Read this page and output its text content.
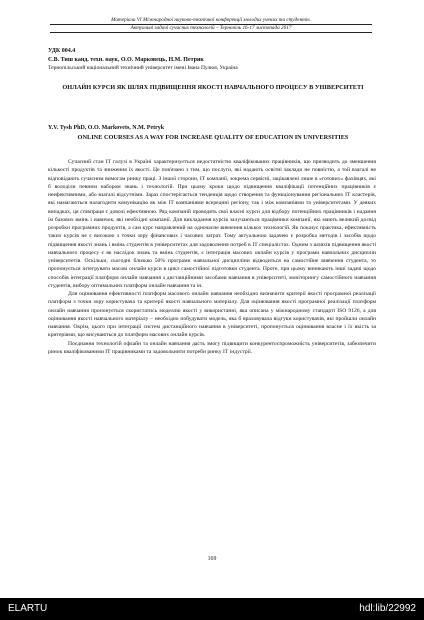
Матеріали VI Міжнародної науково-технічної конференції молодих учених та студентів.
Актуальні задачі сучасних технологій – Тернопіль 16-17 листопада 2017
УДК 004.4
Є.В. Тиш канд. техн. наук, О.О. Марковець, Н.М. Петрик
Тернопільський національний технічний університет імені Івана Пулюя, Україна
ОНЛАЙН КУРСИ ЯК ШЛЯХ ПІДВИЩЕННЯ ЯКОСТІ НАВЧАЛЬНОГО ПРОЦЕСУ В УНІВЕРСИТЕТІ
Y.V. Tysh PhD, O.O. Markovets, N.M. Petryk
ONLINE COURSES AS A WAY FOR INCREASE QUALITY OF EDUCATION IN UNIVERSITIES

Сучасний стан ІТ галузі в Україні характеризується недостатністю кваліфікованих працівників, що призводить до зменшення кількості продуктів та зниження їх якості. Це пов'язано з тим, що послуги, які надають освітні заклади не повністю, а той взагалі не відповідають сучасним вимогам ринку праці. З іншої сторони, ІТ компанії, зокрема сервісні, зацікавлені лише в «готових» фахівцях, які б володіли певним набором знань і технологій. При цьому кроки щодо підвищення кваліфікації потенційних працівників є неефективними, або взагалі відсутніми. Зараз спостерігається тенденція щодо створення та функціонування регіональних ІТ кластерів, які намагаються налагодити комунікацію як між ІТ компаніями всередині регіону, так і між компаніями та університетами. У деяких випадках, ця співпраця є доволі ефективною. Ряд компаній проводять свої власні курси для відбору потенційних працівників і надання їм базових вмінь і навичок, які необхідні компанії. Для викладання курсів залучаються працівники компанії, які мають великий досвід розробки програмних продуктів, а сам курс направлений на одночасне вивчення кількох технологій. Як показує практика, ефективність таких курсів не є високою з точки зору фінансових і часових затрат. Тому актуальною задачею є розробка методів і засобів щодо підвищення якості знань і вмінь студентів в університетах для задоволення потреб в ІТ спеціалістах. Одним з шляхів підвищення якості навчального процесу є як наслідок знань та вмінь студентів, є інтеграція масових онлайн курсів у програми навчальних дисциплін університетів. Оскільки, сьогодні близько 50% програми навчальної дисципліни відводиться на самостійне вивчення студента, то пропонується інтегрувати масові онлайн курси в цикл самостійної підготовки студента. Проте, при цьому виникають інші задачі щодо способів інтеграції платформ онлайн навчання з дистанційними засобами навчання в університеті, моніторингу самостійного навчання студентів, вибору оптимальних платформ онлайн навчання та ін.

Для оцінювання ефективності платформ масового онлайн навчання необхідно визначити критерії якості програмної реалізації платформ з точки зору користувача та критерії якості навчального матеріалу. Для оцінювання якості програмної реалізації платформ онлайн навчання пропонується скористатись моделлю якості у використанні, яка описана у міжнародному стандарті ISO 9126, а для оцінювання якості навчального матеріалу – необхідно побудувати модель, яка б враховувала відгуки користувачів, які пройшли онлайн навчання. Окрім, цього при інтеграції систем дистанційного навчання в університеті, пропонується оцінювання власне і їх якість за критеріями, що висуваються до платформ масових онлайн курсів.

Поєднання технологій офлайн та онлайн навчання дасть змогу підвищити конкурентоспроможність університетів, забезпечити ринок кваліфікованими ІТ працівниками та задовольнити потреби ринку ІТ індустрії.

169
ELARTU	hdl:lib/22992
